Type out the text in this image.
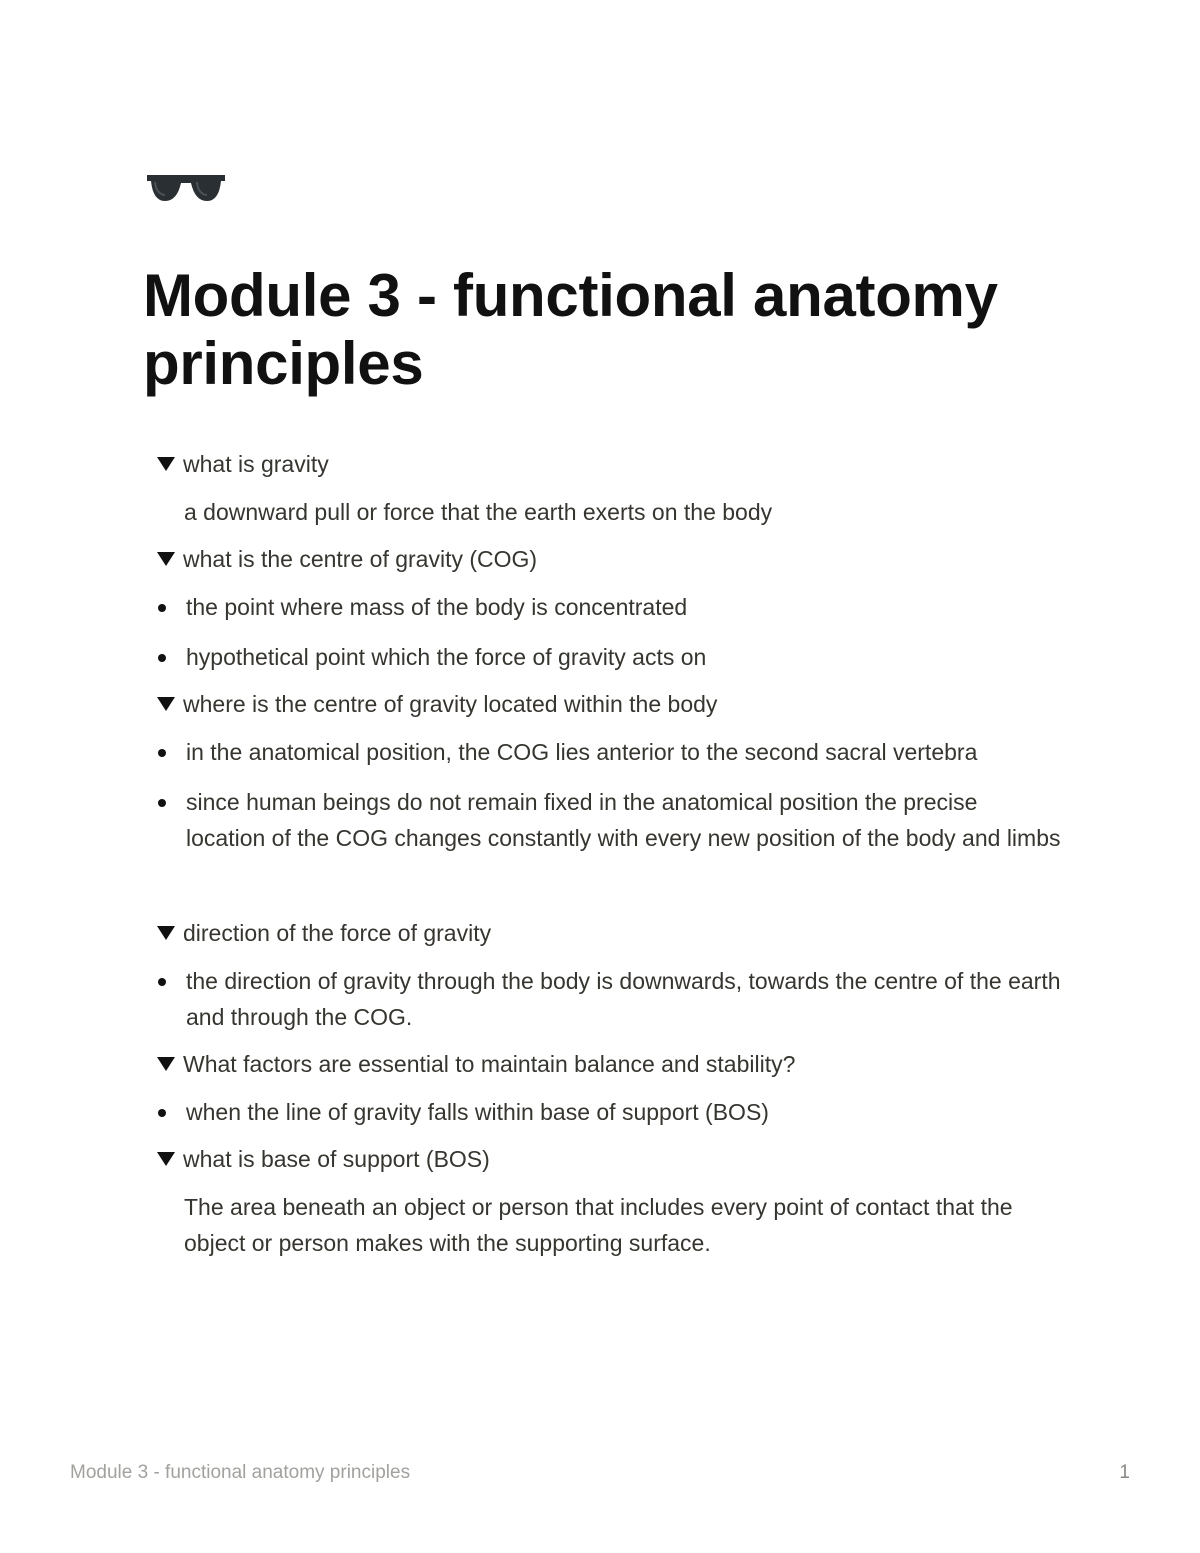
Module 3 - functional anatomy principles
what is gravity

a downward pull or force that the earth exerts on the body

what is the centre of gravity (COG)
the point where mass of the body is concentrated
hypothetical point which the force of gravity acts on
where is the centre of gravity located within the body
in the anatomical position, the COG lies anterior to the second sacral vertebra
since human beings do not remain fixed in the anatomical position the precise location of the COG changes constantly with every new position of the body and limbs
direction of the force of gravity
the direction of gravity through the body is downwards, towards the centre of the earth and through the COG.
What factors are essential to maintain balance and stability?
when the line of gravity falls within base of support (BOS)
what is base of support (BOS)

The area beneath an object or person that includes every point of contact that the object or person makes with the supporting surface.

Module 3 - functional anatomy principles	1
